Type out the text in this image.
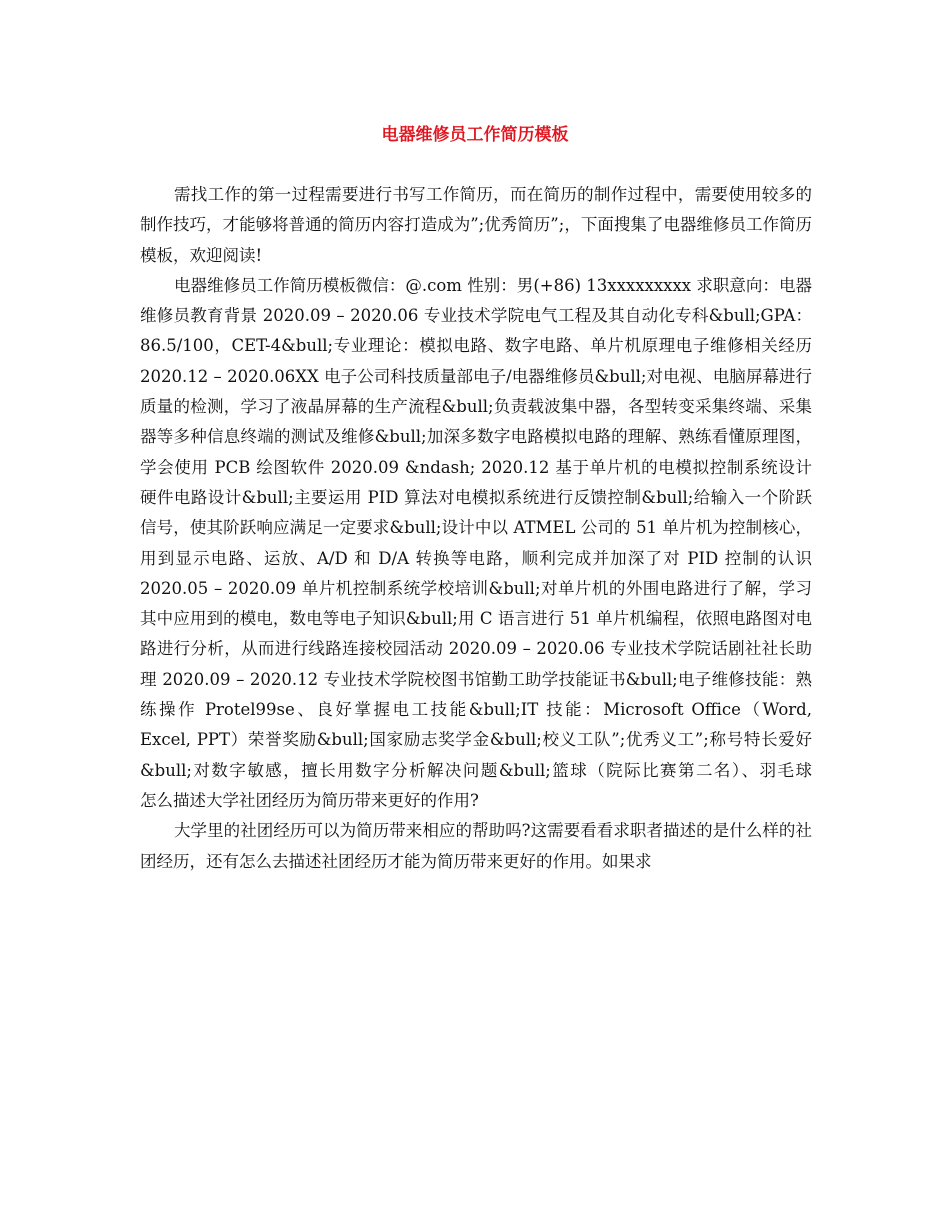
电器维修员工作简历模板

需找工作的第一过程需要进行书写工作简历，而在简历的制作过程中，需要使用较多的制作技巧，才能够将普通的简历内容打造成为”;优秀简历”;，下面搜集了电器维修员工作简历模板，欢迎阅读!

电器维修员工作简历模板微信：@.com 性别：男(+86) 13xxxxxxxxx 求职意向：电器维修员教育背景 2020.09 – 2020.06 专业技术学院电气工程及其自动化专科&bull;GPA：86.5/100，CET-4&bull;专业理论：模拟电路、数字电路、单片机原理电子维修相关经历 2020.12 – 2020.06XX 电子公司科技质量部电子/电器维修员&bull;对电视、电脑屏幕进行质量的检测，学习了液晶屏幕的生产流程&bull;负责载波集中器，各型转变采集终端、采集器等多种信息终端的测试及维修&bull;加深多数字电路模拟电路的理解、熟练看懂原理图，学会使用 PCB 绘图软件 2020.09 &ndash; 2020.12 基于单片机的电模拟控制系统设计 硬件电路设计&bull;主要运用 PID 算法对电模拟系统进行反馈控制&bull;给输入一个阶跃信号，使其阶跃响应满足一定要求&bull;设计中以 ATMEL 公司的 51 单片机为控制核心，用到显示电路、运放、A/D 和 D/A 转换等电路，顺利完成并加深了对 PID 控制的认识 2020.05 – 2020.09 单片机控制系统学校培训&bull;对单片机的外围电路进行了解，学习其中应用到的模电，数电等电子知识&bull;用 C 语言进行 51 单片机编程，依照电路图对电路进行分析，从而进行线路连接校园活动 2020.09 – 2020.06 专业技术学院话剧社社长助理 2020.09 – 2020.12 专业技术学院校图书馆勤工助学技能证书&bull;电子维修技能：熟练操作 Protel99se、良好掌握电工技能&bull;IT 技能：Microsoft Office（Word, Excel, PPT）荣誉奖励&bull;国家励志奖学金&bull;校义工队”;优秀义工”;称号特长爱好&bull;对数字敏感，擅长用数字分析解决问题&bull;篮球（院际比赛第二名）、羽毛球　　怎么描述大学社团经历为简历带来更好的作用?

大学里的社团经历可以为简历带来相应的帮助吗?这需要看看求职者描述的是什么样的社团经历，还有怎么去描述社团经历才能为简历带来更好的作用。如果求
